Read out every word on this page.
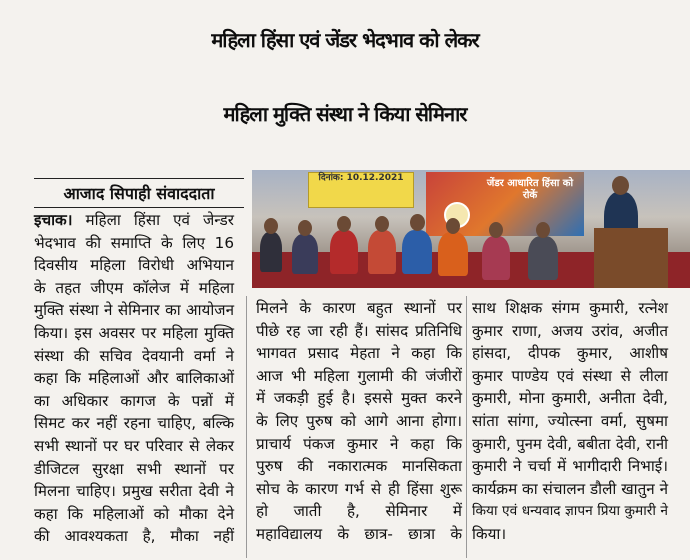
महिला हिंसा एवं जेंडर भेदभाव को लेकर
महिला मुक्ति संस्था ने किया सेमिनार
आजाद सिपाही संवाददाता
दिनांक: 10.12.2021	जेंडर आधारित हिंसा को रोकें

इचाक। महिला हिंसा एवं जेन्डर

भेदभाव की समाप्ति के लिए 16

दिवसीय महिला विरोधी अभियान

के तहत जीएम कॉलेज में महिला

मुक्ति संस्था ने सेमिनार का आयोजन

किया। इस अवसर पर महिला मुक्ति

संस्था की सचिव देवयानी वर्मा ने

कहा कि महिलाओं और बालिकाओं

का अधिकार कागज के पन्नों में

सिमट कर नहीं रहना चाहिए, बल्कि

सभी स्थानों पर घर परिवार से लेकर

डीजिटल सुरक्षा सभी स्थानों पर

मिलना चाहिए। प्रमुख सरीता देवी ने

कहा कि महिलाओं को मौका देने

की आवश्यकता है, मौका नहीं

मिलने के कारण बहुत स्थानों पर

पीछे रह जा रही हैं। सांसद प्रतिनिधि

भागवत प्रसाद मेहता ने कहा कि

आज भी महिला गुलामी की जंजीरों

में जकड़ी हुई है। इससे मुक्त करने

के लिए पुरुष को आगे आना होगा।

प्राचार्य पंकज कुमार ने कहा कि

पुरुष की नकारात्मक मानसिकता

सोच के कारण गर्भ से ही हिंसा शुरू

हो जाती है, सेमिनार में

महाविद्यालय के छात्र- छात्रा के

साथ शिक्षक संगम कुमारी, रत्नेश

कुमार राणा, अजय उरांव, अजीत

हांसदा, दीपक कुमार, आशीष

कुमार पाण्डेय एवं संस्था से लीला

कुमारी, मोना कुमारी, अनीता देवी,

सांता सांगा, ज्योत्स्ना वर्मा, सुषमा

कुमारी, पुनम देवी, बबीता देवी, रानी

कुमारी ने चर्चा में भागीदारी निभाई।

कार्यक्रम का संचालन डौली खातुन ने

किया एवं धन्यवाद ज्ञापन प्रिया कुमारी ने

किया।
